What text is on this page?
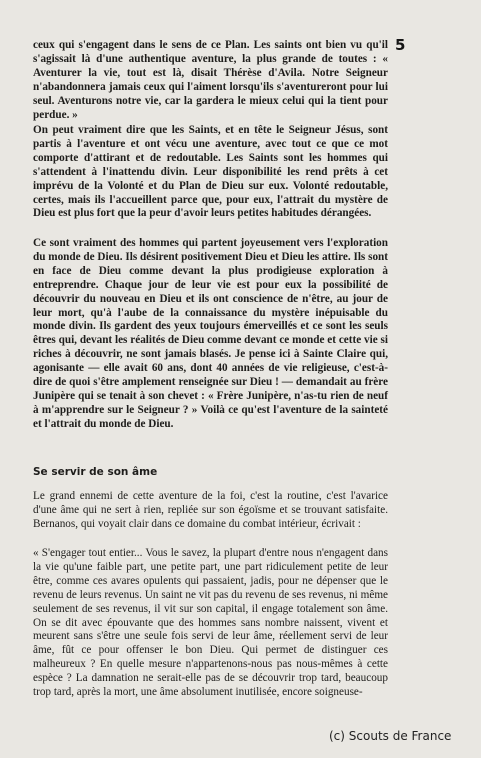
5

ceux qui s'engagent dans le sens de ce Plan. Les saints ont bien vu qu'il s'agissait là d'une authentique aventure, la plus grande de toutes : « Aventurer la vie, tout est là, disait Thérèse d'Avila. Notre Seigneur n'abandonnera jamais ceux qui l'aiment lorsqu'ils s'aventureront pour lui seul. Aventurons notre vie, car la gardera le mieux celui qui la tient pour perdue. »

On peut vraiment dire que les Saints, et en tête le Seigneur Jésus, sont partis à l'aventure et ont vécu une aventure, avec tout ce que ce mot comporte d'attirant et de redoutable. Les Saints sont les hommes qui s'attendent à l'inattendu divin. Leur disponibilité les rend prêts à cet imprévu de la Volonté et du Plan de Dieu sur eux. Volonté redoutable, certes, mais ils l'accueillent parce que, pour eux, l'attrait du mystère de Dieu est plus fort que la peur d'avoir leurs petites habitudes dérangées.

Ce sont vraiment des hommes qui partent joyeusement vers l'exploration du monde de Dieu. Ils désirent positivement Dieu et Dieu les attire. Ils sont en face de Dieu comme devant la plus prodigieuse exploration à entreprendre. Chaque jour de leur vie est pour eux la possibilité de découvrir du nouveau en Dieu et ils ont conscience de n'être, au jour de leur mort, qu'à l'aube de la connaissance du mystère inépuisable du monde divin. Ils gardent des yeux toujours émerveillés et ce sont les seuls êtres qui, devant les réalités de Dieu comme devant ce monde et cette vie si riches à découvrir, ne sont jamais blasés. Je pense ici à Sainte Claire qui, agonisante — elle avait 60 ans, dont 40 années de vie religieuse, c'est-à-dire de quoi s'être amplement renseignée sur Dieu ! — demandait au frère Junipère qui se tenait à son chevet : « Frère Junipère, n'as-tu rien de neuf à m'apprendre sur le Seigneur ? » Voilà ce qu'est l'aventure de la sainteté et l'attrait du monde de Dieu.

Se servir de son âme

Le grand ennemi de cette aventure de la foi, c'est la routine, c'est l'avarice d'une âme qui ne sert à rien, repliée sur son égoïsme et se trouvant satisfaite. Bernanos, qui voyait clair dans ce domaine du combat intérieur, écrivait :

« S'engager tout entier... Vous le savez, la plupart d'entre nous n'engagent dans la vie qu'une faible part, une petite part, une part ridiculement petite de leur être, comme ces avares opulents qui passaient, jadis, pour ne dépenser que le revenu de leurs revenus. Un saint ne vit pas du revenu de ses revenus, ni même seulement de ses revenus, il vit sur son capital, il engage totalement son âme. On se dit avec épouvante que des hommes sans nombre naissent, vivent et meurent sans s'être une seule fois servi de leur âme, réellement servi de leur âme, fût ce pour offenser le bon Dieu. Qui permet de distinguer ces malheureux ? En quelle mesure n'appartenons-nous pas nous-mêmes à cette espèce ? La damnation ne serait-elle pas de se découvrir trop tard, beaucoup trop tard, après la mort, une âme absolument inutilisée, encore soigneuse-

(c) Scouts de France
